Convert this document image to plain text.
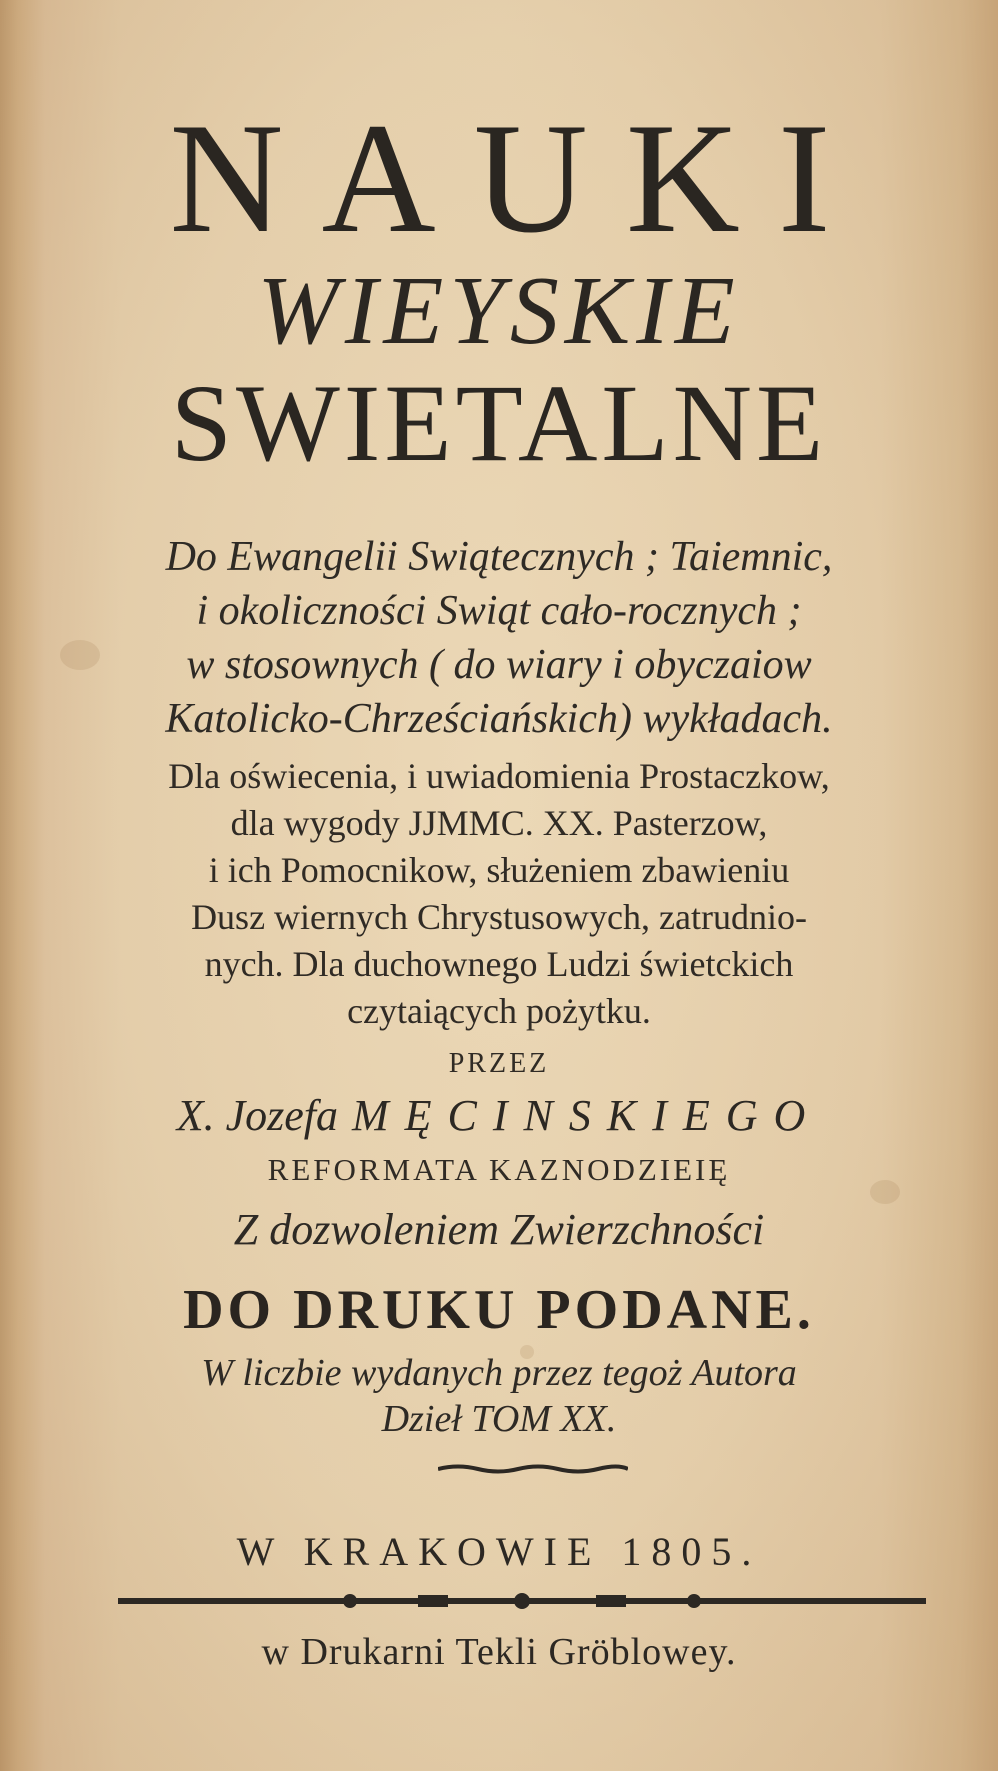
NAUKI
WIEYSKIE
SWIETALNE
Do Ewangelii Swiątecznych ; Taiemnic,
i okoliczności Swiąt cało-rocznych ;
w stosownych ( do wiary i obyczaiow
Katolicko-Chrześciańskich) wykładach.
Dla oświecenia, i uwiadomienia Prostaczkow,
dla wygody JJMMC. XX. Pasterzow,
i ich Pomocnikow, służeniem zbawieniu
Dusz wiernych Chrystusowych, zatrudnio-
nych. Dla duchownego Ludzi świetckich
czytaiących pożytku.
PRZEZ
X. Jozefa MĘCINSKIEGO
REFORMATA KAZNODZIEIĘ
Z dozwoleniem Zwierzchności
DO DRUKU PODANE.
W liczbie wydanych przez tegoż Autora
Dzieł TOM XX.
W KRAKOWIE 1805.
w Drukarni Tekli Gröblowey.
